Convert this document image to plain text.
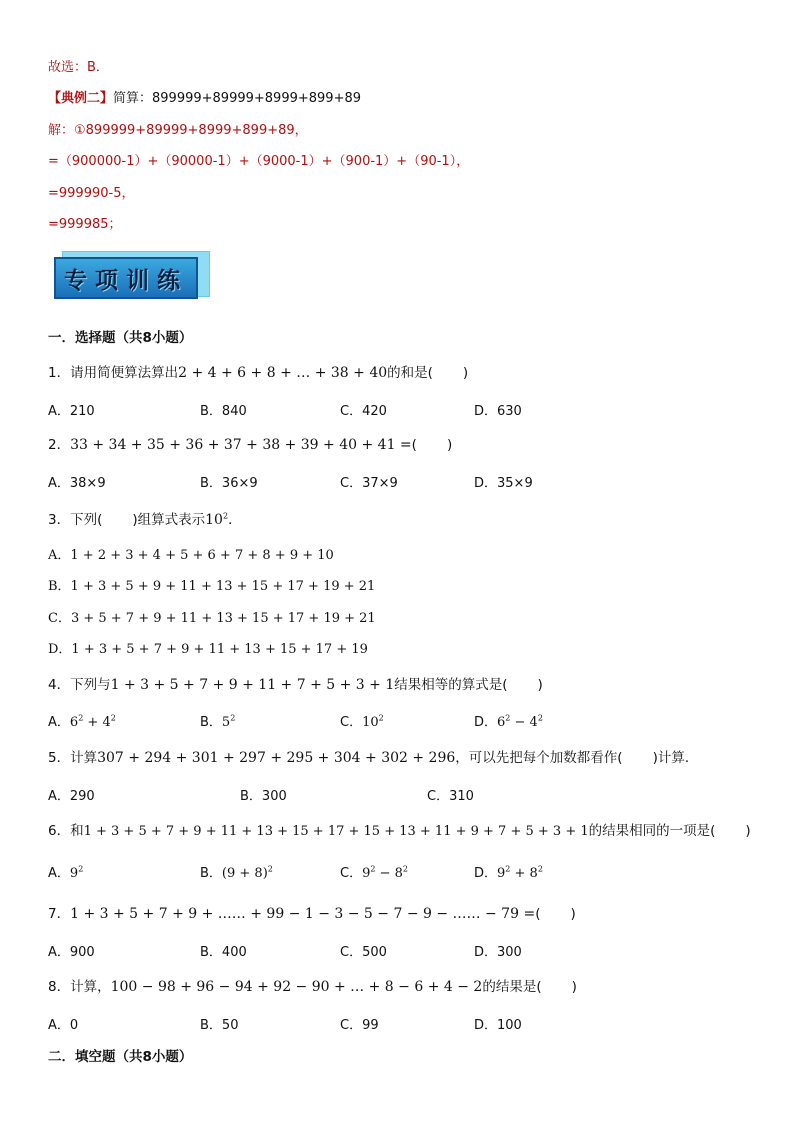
故选：B．
【典例二】简算：899999+89999+8999+899+89
解：①899999+89999+8999+899+89，
=（900000-1）+（90000-1）+（9000-1）+（900-1）+（90-1），
=999990-5，
=999985；
专项训练
一．选择题（共8小题）
1．请用简便算法算出2 + 4 + 6 + 8 + … + 38 + 40的和是( )
A．210	B．840	C．420	D．630
2．33 + 34 + 35 + 36 + 37 + 38 + 39 + 40 + 41 =( )
A．38×9	B．36×9	C．37×9	D．35×9
3．下列( )组算式表示$10^2$．
A．1 + 2 + 3 + 4 + 5 + 6 + 7 + 8 + 9 + 10
B．1 + 3 + 5 + 9 + 11 + 13 + 15 + 17 + 19 + 21
C．3 + 5 + 7 + 9 + 11 + 13 + 15 + 17 + 19 + 21
D．1 + 3 + 5 + 7 + 9 + 11 + 13 + 15 + 17 + 19
4．下列与1 + 3 + 5 + 7 + 9 + 11 + 7 + 5 + 3 + 1结果相等的算式是( )
A．$6^2 + 4^2$	B．$5^2$	C．$10^2$	D．$6^2 - 4^2$
5．计算307 + 294 + 301 + 297 + 295 + 304 + 302 + 296，可以先把每个加数都看作( )计算．
A．290	B．300	C．310
6．和1 + 3 + 5 + 7 + 9 + 11 + 13 + 15 + 17 + 15 + 13 + 11 + 9 + 7 + 5 + 3 + 1的结果相同的一项是( )
A．$9^2$	B．$(9 + 8)^2$	C．$9^2 - 8^2$	D．$9^2 + 8^2$
7．1 + 3 + 5 + 7 + 9 + …… + 99 − 1 − 3 − 5 − 7 − 9 − …… − 79 =( )
A．900	B．400	C．500	D．300
8．计算，100 − 98 + 96 − 94 + 92 − 90 + … + 8 − 6 + 4 − 2的结果是( )
A．0	B．50	C．99	D．100
二．填空题（共8小题）
